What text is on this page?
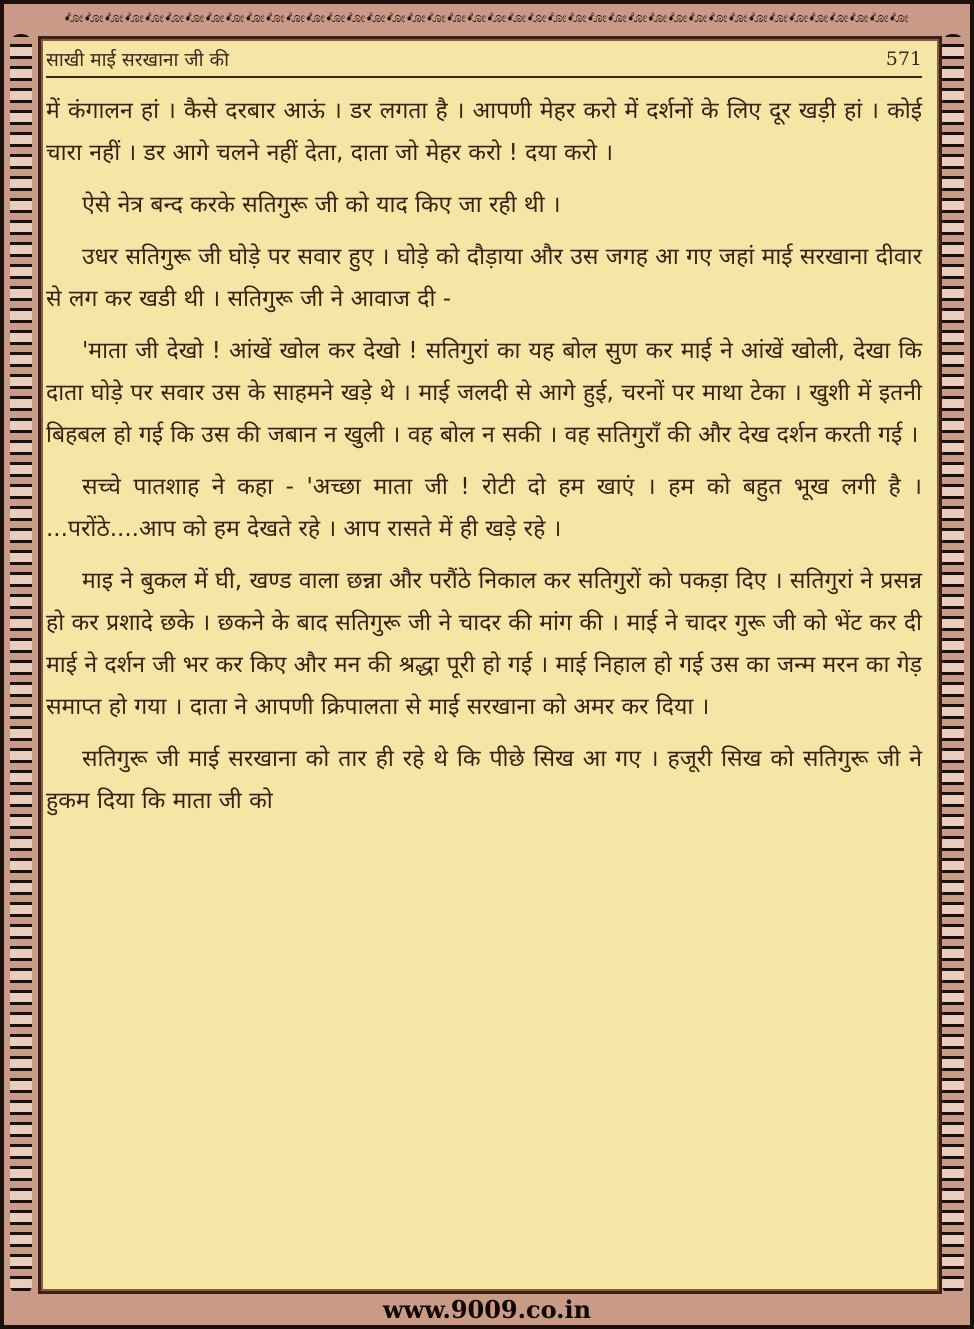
•ೋ•ೋ•ೋ•ೋ•ೋ•ೋ•ೋ•ೋ•ೋ•ೋ•ೋ•ೋ•ೋ•ೋ•ೋ•ೋ•ೋ•ೋ•ೋ•ೋ•ೋ•ೋ•ೋ•ೋ•ೋ•ೋ•ೋ•ೋ•ೋ•ೋ•ೋ•ೋ•ೋ•ೋ•ೋ•ೋ•ೋ•ೋ•ೋ•ೋ•ೋ•ೋ
साखी माई सरखाना जी की	571

में कंगालन हां । कैसे दरबार आऊं । डर लगता है । आपणी मेहर करो में दर्शनों के लिए दूर खड़ी हां । कोई चारा नहीं । डर आगे चलने नहीं देता, दाता जो मेहर करो ! दया करो ।

ऐसे नेत्र बन्द करके सतिगुरू जी को याद किए जा रही थी ।

उधर सतिगुरू जी घोड़े पर सवार हुए । घोड़े को दौड़ाया और उस जगह आ गए जहां माई सरखाना दीवार से लग कर खडी थी । सतिगुरू जी ने आवाज दी -

'माता जी देखो ! आंखें खोल कर देखो ! सतिगुरां का यह बोल सुण कर माई ने आंखें खोली, देखा कि दाता घोड़े पर सवार उस के साहमने खड़े थे । माई जलदी से आगे हुई, चरनों पर माथा टेका । खुशी में इतनी बिहबल हो गई कि उस की जबान न खुली । वह बोल न सकी । वह सतिगुराँ की और देख दर्शन करती गई ।

सच्चे पातशाह ने कहा - 'अच्छा माता जी ! रोटी दो हम खाएं । हम को बहुत भूख लगी है । ...परोंठे....आप को हम देखते रहे । आप रासते में ही खड़े रहे ।

माइ ने बुकल में घी, खण्ड वाला छन्ना और परौंठे निकाल कर सतिगुरों को पकड़ा दिए । सतिगुरां ने प्रसन्न हो कर प्रशादे छके । छकने के बाद सतिगुरू जी ने चादर की मांग की । माई ने चादर गुरू जी को भेंट कर दी माई ने दर्शन जी भर कर किए और मन की श्रद्धा पूरी हो गई । माई निहाल हो गई उस का जन्म मरन का गेड़ समाप्त हो गया । दाता ने आपणी क्रिपालता से माई सरखाना को अमर कर दिया ।

सतिगुरू जी माई सरखाना को तार ही रहे थे कि पीछे सिख आ गए । हजूरी सिख को सतिगुरू जी ने हुकम दिया कि माता जी को

www.9009.co.in
